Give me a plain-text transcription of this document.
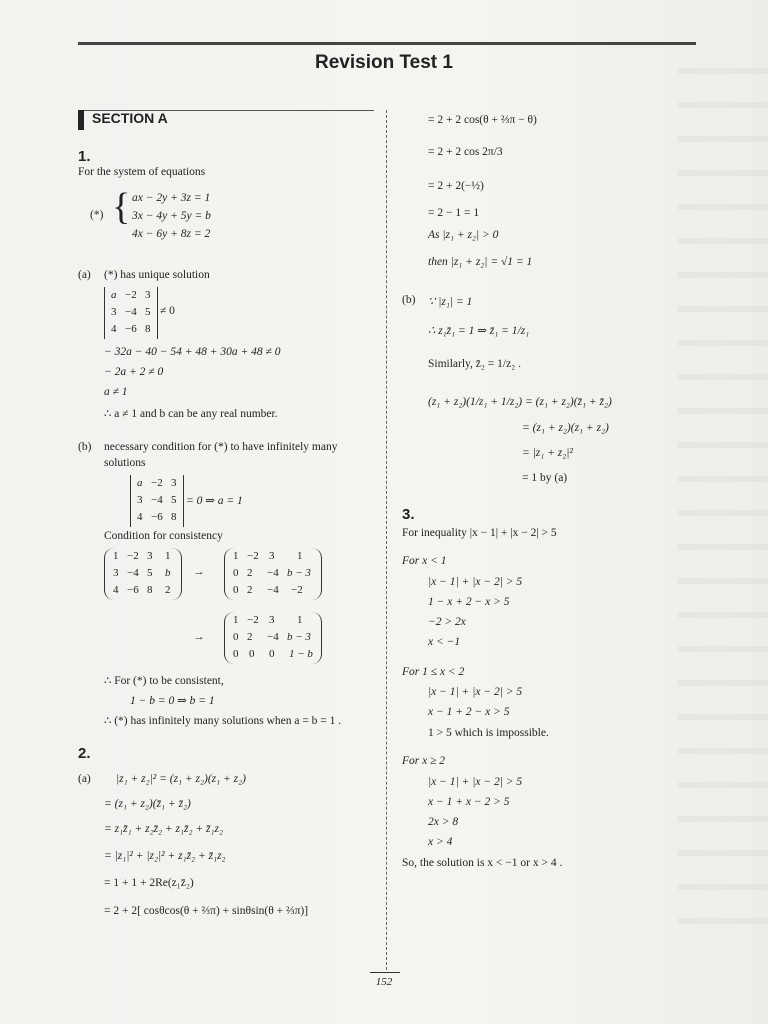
Revision Test 1
SECTION A
1.
For the system of equations
(*) { ax − 2y + 3z = 1
3x − 4y + 5y = b
4x − 6y + 8z = 2
(a) (*) has unique solution
a −2 3
3 −4 5
4 −6 8
≠ 0
− 32a − 40 − 54 + 48 + 30a + 48 ≠ 0
− 2a + 2 ≠ 0
a ≠ 1
∴ a ≠ 1 and b can be any real number.
(b) necessary condition for (*) to have infinitely many
solutions
a −2 3
3 −4 5
4 −6 8
= 0 ⇒ a = 1
Condition for consistency
1 −2 3 1
3 −4 5 b
4 −6 8 2
→
1 −2 3 1
0 2 −4 b − 3
0 2 −4 −2
→
1 −2 3 1
0 2 −4 b − 3
0 0 0 1 − b
∴ For (*) to be consistent,
1 − b = 0 ⇒ b = 1
∴ (*) has infinitely many solutions when a = b = 1 .
2.
(a) |z₁ + z₂|² = (z₁ + z₂)(z₁ + z₂)
= (z₁ + z₂)(z̄₁ + z̄₂)
= z₁z̄₁ + z₂z̄₂ + z₁z̄₂ + z̄₁z₂
= |z₁|² + |z₂|² + z₁z̄₂ + z̄₁z₂
= 1 + 1 + 2Re(z₁z̄₂)
= 2 + 2[ cosθcos(θ + ⅔π) + sinθsin(θ + ⅔π)]
= 2 + 2 cos(θ + ⅔π − θ)
= 2 + 2 cos 2π/3
= 2 + 2(−½)
= 2 − 1 = 1
As |z₁ + z₂| > 0
then |z₁ + z₂| = √1 = 1
(b) ∵ |z₁| = 1
∴ z₁z̄₁ = 1 ⇒ z̄₁ = 1/z₁
Similarly, z̄₂ = 1/z₂ .
(z₁ + z₂)(1/z₁ + 1/z₂) = (z₁ + z₂)(z̄₁ + z̄₂)
= (z₁ + z₂)(z₁ + z₂)
= |z₁ + z₂|²
= 1 by (a)
3.
For inequality |x − 1| + |x − 2| > 5
For x < 1
|x − 1| + |x − 2| > 5
1 − x + 2 − x > 5
−2 > 2x
x < −1
For 1 ≤ x < 2
|x − 1| + |x − 2| > 5
x − 1 + 2 − x > 5
1 > 5 which is impossible.
For x ≥ 2
|x − 1| + |x − 2| > 5
x − 1 + x − 2 > 5
2x > 8
x > 4
So, the solution is x < −1 or x > 4 .
152
